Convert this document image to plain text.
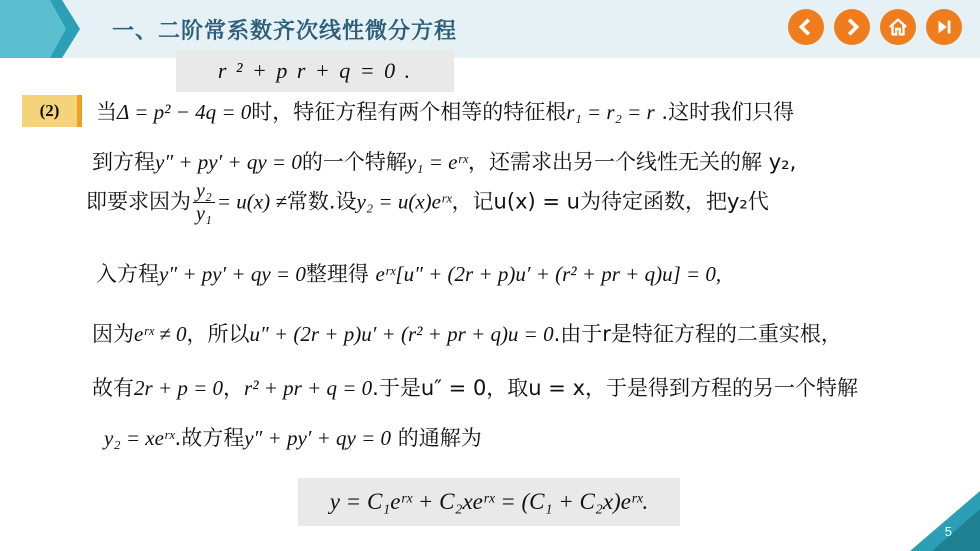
一、二阶常系数齐次线性微分方程
r ² + p r + q = 0 .
(2)	当Δ = p² − 4q = 0时，特征方程有两个相等的特征根r₁ = r₂ = r .这时我们只得
到方程y″ + py′ + qy = 0的一个特解y₁ = eʳˣ，还需求出另一个线性无关的解 y₂,
即要求因为 $\frac{\text{y₂}}{\text{y₁}} = u(x)$ ≠常数.设y₂ = u(x)eʳˣ，记u(x) = u为待定函数，把y₂代
入方程y″ + py′ + qy = 0整理得 eʳˣ[u″ + (2r + p)u′ + (r² + pr + q)u] = 0,
因为eʳˣ ≠ 0，所以u″ + (2r + p)u′ + (r² + pr + q)u = 0.由于r是特征方程的二重实根，
故有2r + p = 0，r² + pr + q = 0.于是u″ = 0，取u = x，于是得到方程的另一个特解
y₂ = xeʳˣ.故方程y″ + py′ + qy = 0 的通解为
y = C₁eʳˣ + C₂xeʳˣ = (C₁ + C₂x)eʳˣ.
5
